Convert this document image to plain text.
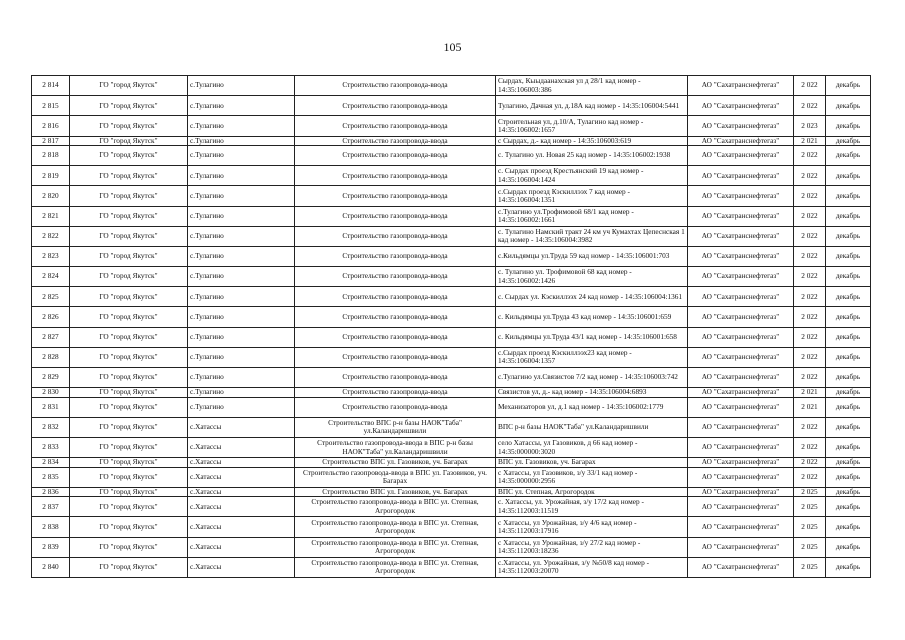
105
2 814	ГО "город Якутск"	с.Тулагино	Строительство газопровода-ввода	Сырдах, Кыыдаанахская ул д 28/1 кад номер - 14:35:106003:386	АО "Сахатранснефтегаз"	2 022	декабрь
2 815	ГО "город Якутск"	с.Тулагино	Строительство газопровода-ввода	Тулагино, Дачная ул, д.18А кад номер - 14:35:106004:5441	АО "Сахатранснефтегаз"	2 022	декабрь
2 816	ГО "город Якутск"	с.Тулагино	Строительство газопровода-ввода	Строительная ул, д.10/А, Тулагино кад номер - 14:35:106002:1657	АО "Сахатранснефтегаз"	2 023	декабрь
2 817	ГО "город Якутск"	с.Тулагино	Строительство газопровода-ввода	с Сырдах, д.- кад номер - 14:35:106003:619	АО "Сахатранснефтегаз"	2 021	декабрь
2 818	ГО "город Якутск"	с.Тулагино	Строительство газопровода-ввода	с. Тулагино ул. Новая 25 кад номер - 14:35:106002:1938	АО "Сахатранснефтегаз"	2 022	декабрь
2 819	ГО "город Якутск"	с.Тулагино	Строительство газопровода-ввода	с. Сырдах проезд Крестьянский 19 кад номер - 14:35:106004:1424	АО "Сахатранснефтегаз"	2 022	декабрь
2 820	ГО "город Якутск"	с.Тулагино	Строительство газопровода-ввода	с.Сырдах проезд Кэскиллээх 7 кад номер - 14:35:106004:1351	АО "Сахатранснефтегаз"	2 022	декабрь
2 821	ГО "город Якутск"	с.Тулагино	Строительство газопровода-ввода	с.Тулагино ул.Трофимовой 68/1 кад номер - 14:35:106002:1661	АО "Сахатранснефтегаз"	2 022	декабрь
2 822	ГО "город Якутск"	с.Тулагино	Строительство газопровода-ввода	с. Тулагино Намский тракт 24 км уч Кумахтах Цепеснская 1 кад номер - 14:35:106004:3982	АО "Сахатранснефтегаз"	2 022	декабрь
2 823	ГО "город Якутск"	с.Тулагино	Строительство газопровода-ввода	с.Кильдямцы ул.Труда 59 кад номер - 14:35:106001:703	АО "Сахатранснефтегаз"	2 022	декабрь
2 824	ГО "город Якутск"	с.Тулагино	Строительство газопровода-ввода	с. Тулагино ул. Трофимовой 68 кад номер - 14:35:106002:1426	АО "Сахатранснефтегаз"	2 022	декабрь
2 825	ГО "город Якутск"	с.Тулагино	Строительство газопровода-ввода	с. Сырдах ул. Кэскиллээх 24 кад номер - 14:35:106004:1361	АО "Сахатранснефтегаз"	2 022	декабрь
2 826	ГО "город Якутск"	с.Тулагино	Строительство газопровода-ввода	с. Кильдямцы ул.Труда 43 кад номер - 14:35:106001:659	АО "Сахатранснефтегаз"	2 022	декабрь
2 827	ГО "город Якутск"	с.Тулагино	Строительство газопровода-ввода	с. Кильдямцы ул.Труда 43/1 кад номер - 14:35:106001:658	АО "Сахатранснефтегаз"	2 022	декабрь
2 828	ГО "город Якутск"	с.Тулагино	Строительство газопровода-ввода	с.Сырдах проезд Кэскиллээх23 кад номер - 14:35:106004:1357	АО "Сахатранснефтегаз"	2 022	декабрь
2 829	ГО "город Якутск"	с.Тулагино	Строительство газопровода-ввода	с.Тулагино ул.Связистов 7/2 кад номер - 14:35:106003:742	АО "Сахатранснефтегаз"	2 022	декабрь
2 830	ГО "город Якутск"	с.Тулагино	Строительство газопровода-ввода	Связистов ул, д.- кад номер - 14:35:106004:6893	АО "Сахатранснефтегаз"	2 021	декабрь
2 831	ГО "город Якутск"	с.Тулагино	Строительство газопровода-ввода	Механизаторов ул, д.1 кад номер - 14:35:106002:1779	АО "Сахатранснефтегаз"	2 021	декабрь
2 832	ГО "город Якутск"	с.Хатассы	Строительство ВПС р-н базы НАОК"Таба" ул.Каландаришвили	ВПС р-н базы НАОК"Таба" ул.Каландаришвили	АО "Сахатранснефтегаз"	2 022	декабрь
2 833	ГО "город Якутск"	с.Хатассы	Строительство газопровода-ввода в ВПС р-н базы НАОК"Таба" ул.Каландаришвили	село Хатассы, ул Газовиков, д 66 кад номер - 14:35:000000:3020	АО "Сахатранснефтегаз"	2 022	декабрь
2 834	ГО "город Якутск"	с.Хатассы	Строительство ВПС ул. Газовиков, уч. Багарах	ВПС ул. Газовиков, уч. Багарах	АО "Сахатранснефтегаз"	2 022	декабрь
2 835	ГО "город Якутск"	с.Хатассы	Строительство газопровода-ввода в ВПС ул. Газовиков, уч. Багарах	с Хатассы, ул Газовиков, з/у 33/1 кад номер - 14:35:000000:2956	АО "Сахатранснефтегаз"	2 022	декабрь
2 836	ГО "город Якутск"	с.Хатассы	Строительство ВПС ул. Газовиков, уч. Багарах	ВПС ул. Степная, Агрогородок	АО "Сахатранснефтегаз"	2 025	декабрь
2 837	ГО "город Якутск"	с.Хатассы	Строительство газопровода-ввода в ВПС ул. Степная, Агрогородок	с. Хатассы, ул. Урожайная, з/у 17/2 кад номер - 14:35:112003:11519	АО "Сахатранснефтегаз"	2 025	декабрь
2 838	ГО "город Якутск"	с.Хатассы	Строительство газопровода-ввода в ВПС ул. Степная, Агрогородок	с Хатассы, ул Урожайная, з/у 4/6 кад номер - 14:35:112003:17916	АО "Сахатранснефтегаз"	2 025	декабрь
2 839	ГО "город Якутск"	с.Хатассы	Строительство газопровода-ввода в ВПС ул. Степная, Агрогородок	с Хатассы, ул Урожайная, з/у 27/2 кад номер - 14:35:112003:18236	АО "Сахатранснефтегаз"	2 025	декабрь
2 840	ГО "город Якутск"	с.Хатассы	Строительство газопровода-ввода в ВПС ул. Степная, Агрогородок	с.Хатассы, ул. Урожайная, з/у №50/8 кад номер - 14:35:112003:20070	АО "Сахатранснефтегаз"	2 025	декабрь
